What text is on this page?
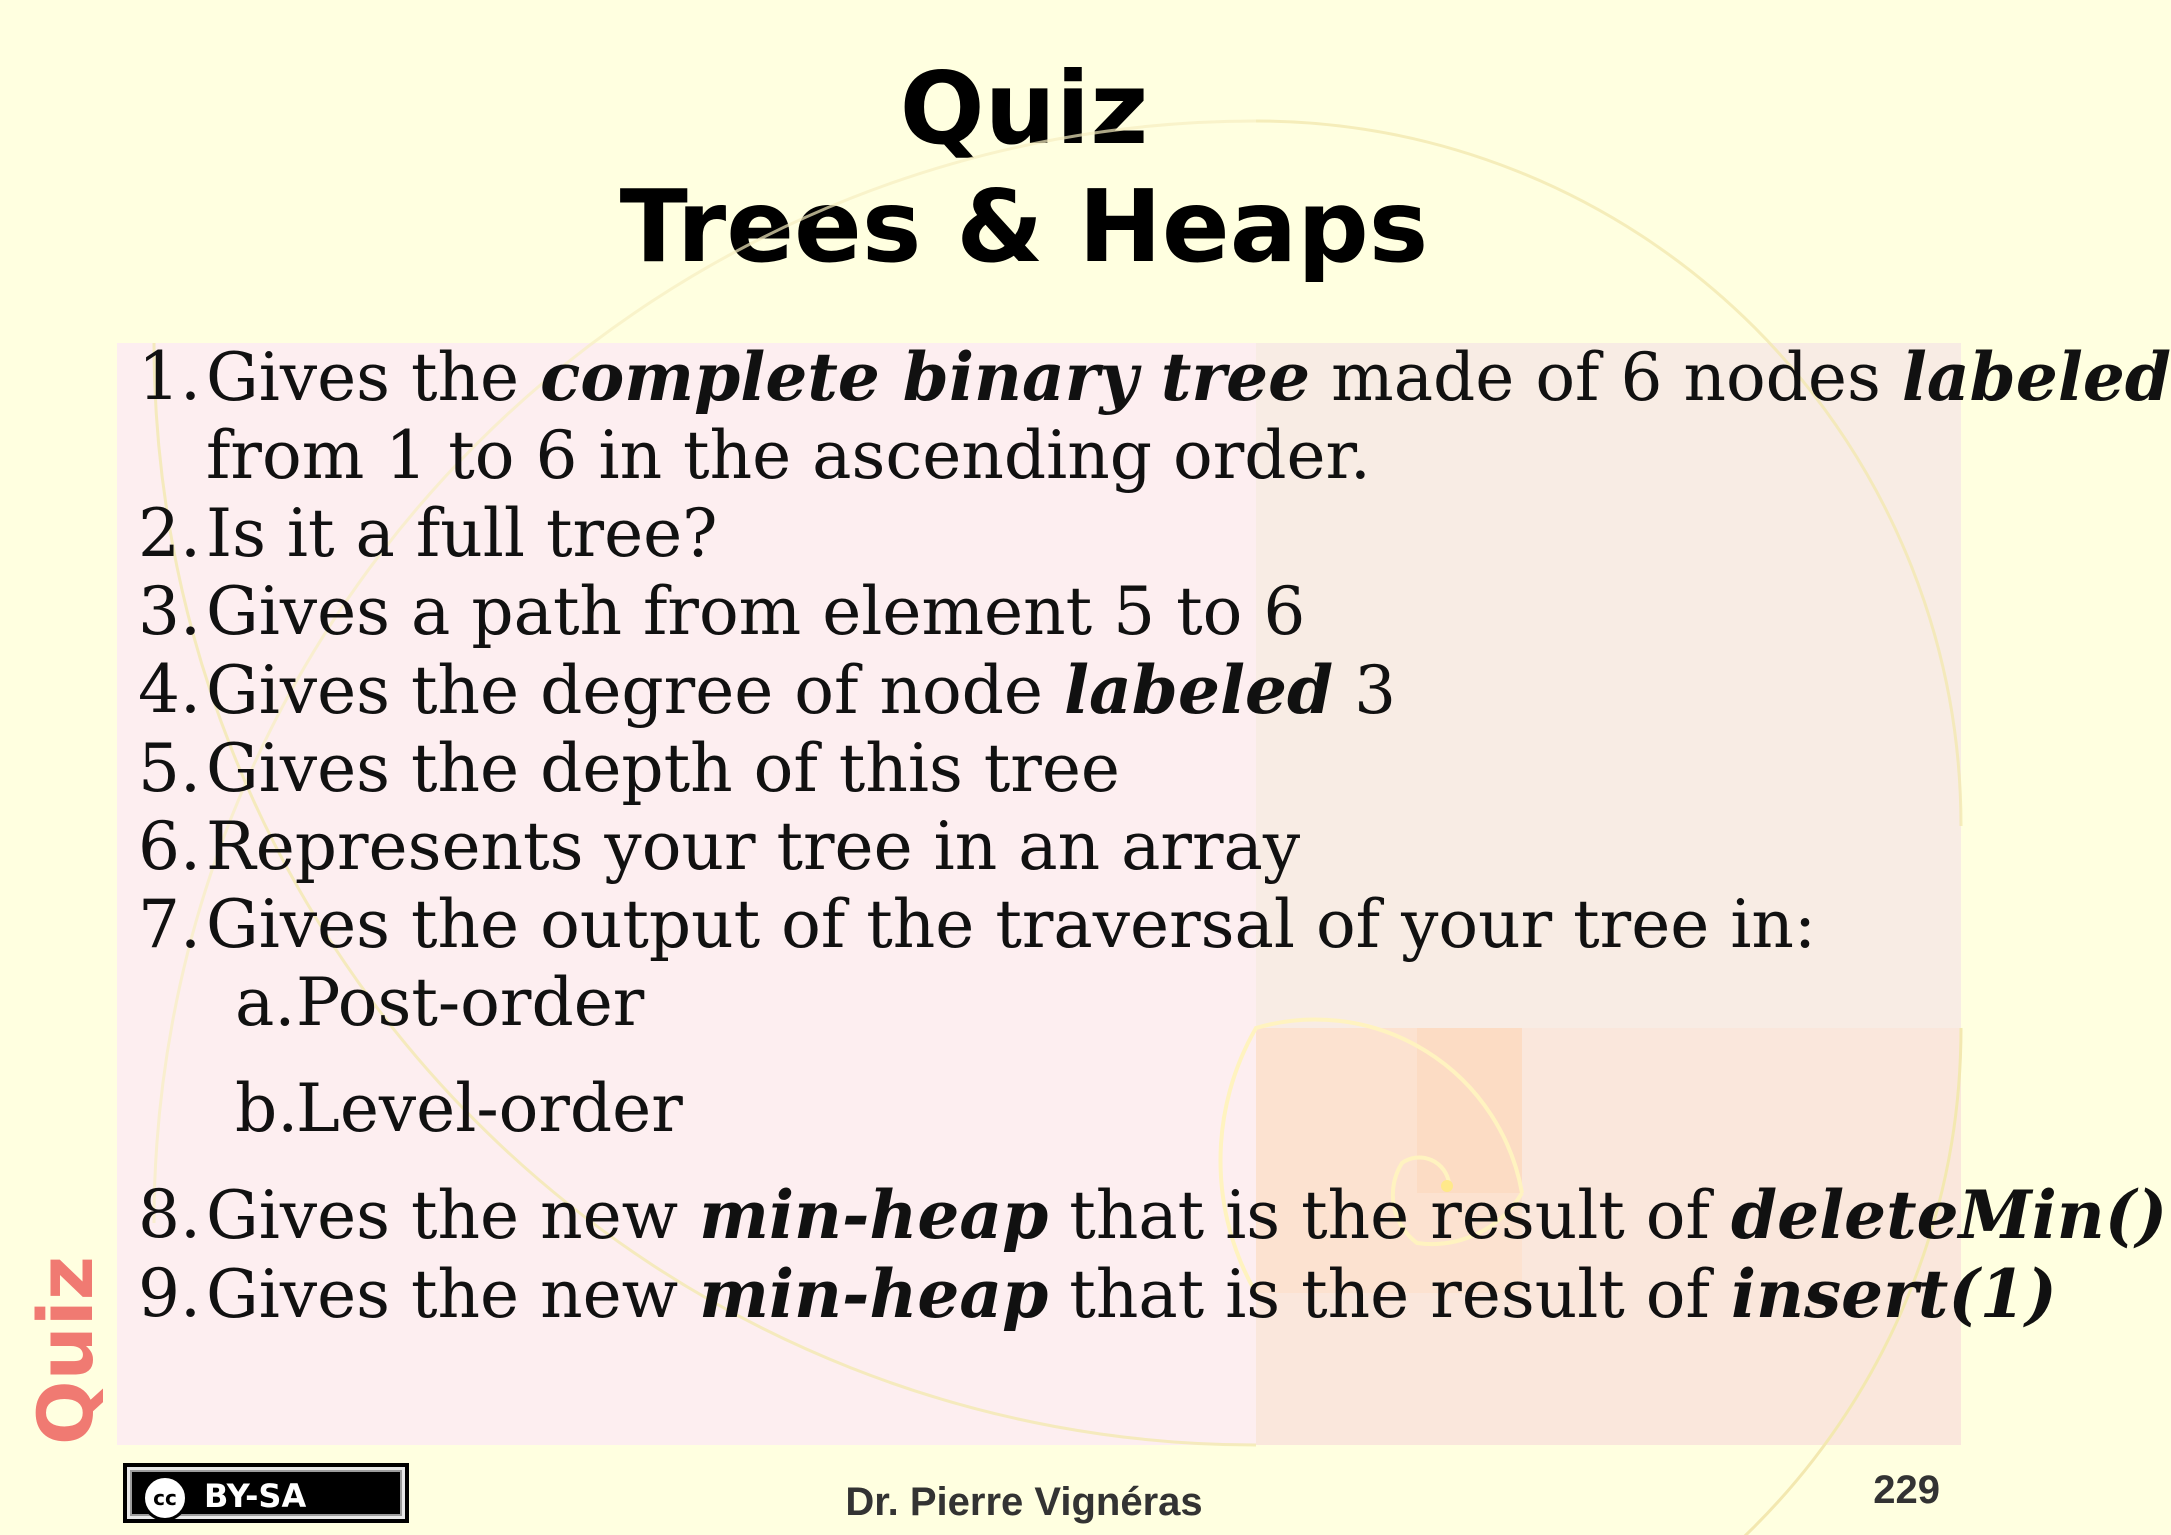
Quiz
Trees & Heaps
1. Gives the complete binary tree made of 6 nodes labeled
from 1 to 6 in the ascending order.
2. Is it a full tree?
3. Gives a path from element 5 to 6
4. Gives the degree of node labeled 3
5. Gives the depth of this tree
6. Represents your tree in an array
7. Gives the output of the traversal of your tree in:
a. Post-order
b.
Level-order
8. Gives the new min-heap that is the result of deleteMin()
9. Gives the new min-heap that is the result of insert(1)
Quiz
cc BY-SA	Dr. Pierre Vignéras	229
